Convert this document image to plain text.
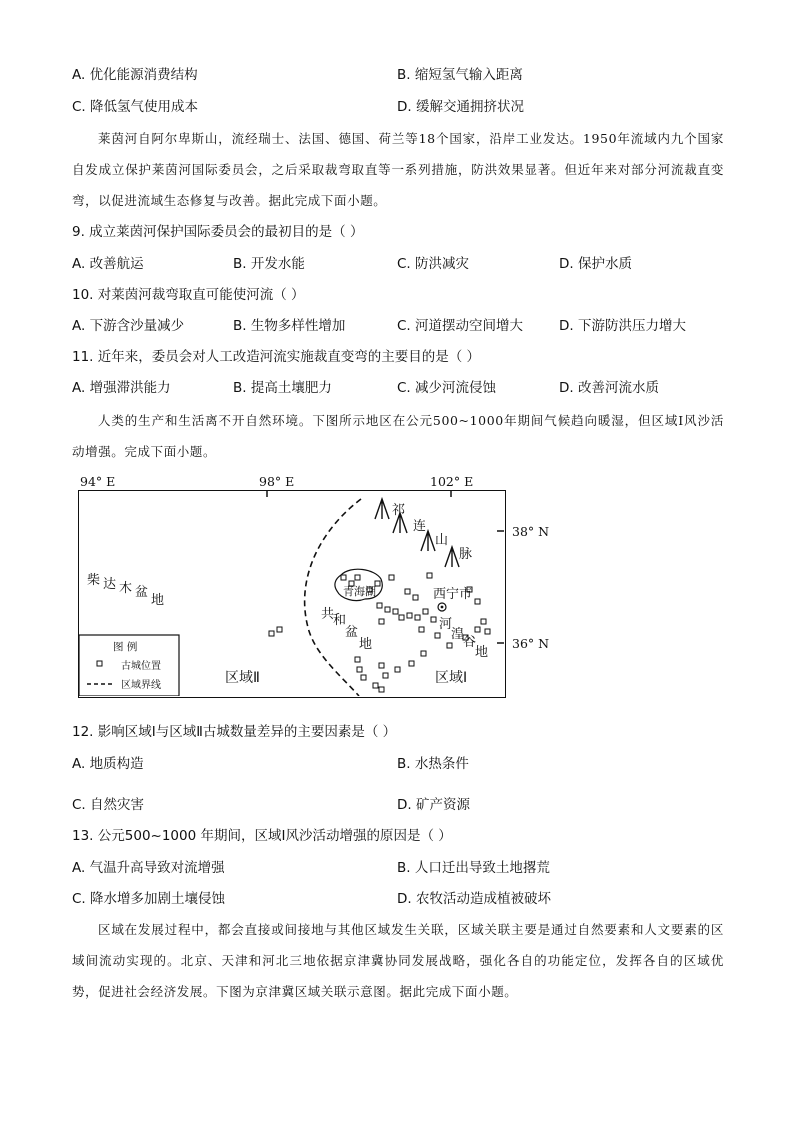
A. 优化能源消费结构	B. 缩短氢气输入距离
C. 降低氢气使用成本	D. 缓解交通拥挤状况
莱茵河自阿尔卑斯山，流经瑞士、法国、德国、荷兰等18个国家，沿岸工业发达。1950年流域内九个国家自发成立保护莱茵河国际委员会，之后采取裁弯取直等一系列措施，防洪效果显著。但近年来对部分河流裁直变弯，以促进流域生态修复与改善。据此完成下面小题。
9. 成立莱茵河保护国际委员会的最初目的是（ ）
A. 改善航运	B. 开发水能	C. 防洪减灾	D. 保护水质
10. 对莱茵河裁弯取直可能使河流（ ）
A. 下游含沙量减少	B. 生物多样性增加	C. 河道摆动空间增大	D. 下游防洪压力增大
11. 近年来，委员会对人工改造河流实施裁直变弯的主要目的是（ ）
A. 增强滞洪能力	B. 提高土壤肥力	C. 减少河流侵蚀	D. 改善河流水质
人类的生产和生活离不开自然环境。下图所示地区在公元500~1000年期间气候趋向暖湿，但区域Ⅰ风沙活动增强。完成下面小题。
94° E	98° E	102° E
38° N
36° N
柴 达 木 盆
地
祁
连
山
脉
青海湖	西宁市
共
和
盆
地
河
湟
谷
地
区域Ⅱ	区域Ⅰ
图 例
古城位置
区域界线
12. 影响区域Ⅰ与区域Ⅱ古城数量差异的主要因素是（ ）
A. 地质构造	B. 水热条件
C. 自然灾害	D. 矿产资源
13. 公元500~1000 年期间，区域Ⅰ风沙活动增强的原因是（ ）
A. 气温升高导致对流增强	B. 人口迁出导致土地撂荒
C. 降水增多加剧土壤侵蚀	D. 农牧活动造成植被破坏
区域在发展过程中，都会直接或间接地与其他区域发生关联，区域关联主要是通过自然要素和人文要素的区域间流动实现的。北京、天津和河北三地依据京津冀协同发展战略，强化各自的功能定位，发挥各自的区域优势，促进社会经济发展。下图为京津冀区域关联示意图。据此完成下面小题。
